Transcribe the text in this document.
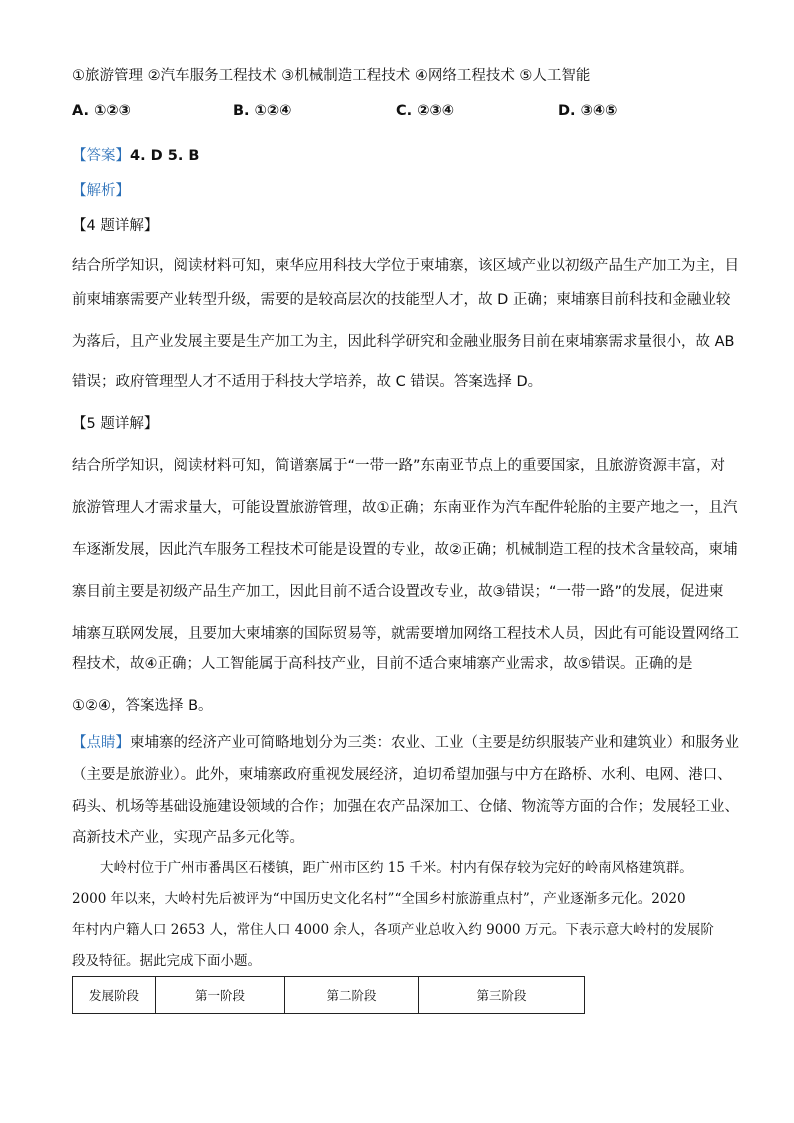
①旅游管理 ②汽车服务工程技术 ③机械制造工程技术 ④网络工程技术 ⑤人工智能
A. ①②③	B. ①②④	C. ②③④	D. ③④⑤
【答案】4. D 5. B
【解析】
【4 题详解】
结合所学知识，阅读材料可知，柬华应用科技大学位于柬埔寨，该区域产业以初级产品生产加工为主，目
前柬埔寨需要产业转型升级，需要的是较高层次的技能型人才，故 D 正确；柬埔寨目前科技和金融业较
为落后，且产业发展主要是生产加工为主，因此科学研究和金融业服务目前在柬埔寨需求量很小，故 AB
错误；政府管理型人才不适用于科技大学培养，故 C 错误。答案选择 D。
【5 题详解】
结合所学知识，阅读材料可知，简谱寨属于“一带一路”东南亚节点上的重要国家，且旅游资源丰富，对
旅游管理人才需求量大，可能设置旅游管理，故①正确；东南亚作为汽车配件轮胎的主要产地之一，且汽
车逐渐发展，因此汽车服务工程技术可能是设置的专业，故②正确；机械制造工程的技术含量较高，柬埔
寨目前主要是初级产品生产加工，因此目前不适合设置改专业，故③错误；“一带一路”的发展，促进柬
埔寨互联网发展，且要加大柬埔寨的国际贸易等，就需要增加网络工程技术人员，因此有可能设置网络工
程技术，故④正确；人工智能属于高科技产业，目前不适合柬埔寨产业需求，故⑤错误。正确的是
①②④，答案选择 B。
【点睛】柬埔寨的经济产业可简略地划分为三类：农业、工业（主要是纺织服装产业和建筑业）和服务业
（主要是旅游业）。此外，柬埔寨政府重视发展经济，迫切希望加强与中方在路桥、水利、电网、港口、
码头、机场等基础设施建设领域的合作；加强在农产品深加工、仓储、物流等方面的合作；发展轻工业、
高新技术产业，实现产品多元化等。
大岭村位于广州市番禺区石楼镇，距广州市区约 15 千米。村内有保存较为完好的岭南风格建筑群。
2000 年以来，大岭村先后被评为“中国历史文化名村”“全国乡村旅游重点村”，产业逐渐多元化。2020
年村内户籍人口 2653 人，常住人口 4000 余人，各项产业总收入约 9000 万元。下表示意大岭村的发展阶
段及特征。据此完成下面小题。
发展阶段	第一阶段	第二阶段	第三阶段
